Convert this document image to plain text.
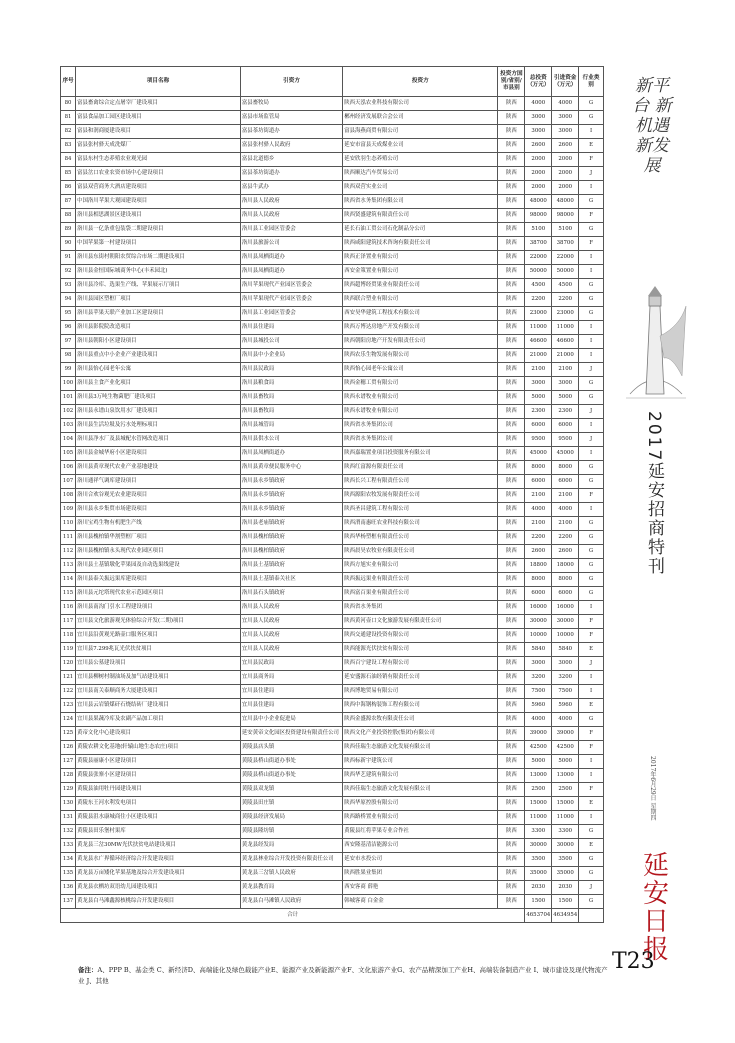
序号	项目名称	引资方	投资方	投资方国别/省别/市县别	总投资（万元）	引进资金（万元）	行业类别
80	富县畜禽综合定点屠宰厂建设项目	富县畜牧局	陕西天泓农业科技有限公司	陕西	4000	4000	G
81	富县食品加工园区建设项目	富县市场监管局	郴州经济发展联合会公司	陕西	3000	3000	G
82	富县和润商厦建设项目	富县茶坊街道办	富县海燕商贸有限公司	陕西	3000	3000	I
83	富县张村驿天成洗煤厂	富县张村驿人民政府	延安市富县天成煤业公司	陕西	2600	2600	E
84	富县东村生态养殖农业观光园	富县北道德乡	延安欣羽生态养殖公司	陕西	2000	2000	F
85	富县岔口农业农资市场中心建设项目	富县茶坊街道办	陕西顺达汽车贸易公司	陕西	2000	2000	J
86	富县双营商务大酒店建设项目	富县牛武办	陕西双营实业公司	陕西	2000	2000	I
87	中国洛川苹果大观园建设项目	洛川县人民政府	陕西省水务集团有限公司	陕西	48000	48000	G
88	洛川县相思湖景区建设项目	洛川县人民政府	陕西贤盛建筑有限责任公司	陕西	98000	98000	F
89	洛川县一亿条重包装袋二期建设项目	洛川县工业园区管委会	延长石油工贸公司石化制品分公司	陕西	5100	5100	G
90	中国苹果第一村建设项目	洛川县旅游公司	陕西咸阳建筑技术咨询有限责任公司	陕西	38700	38700	F
91	洛川县东街村朝阳农贸综合市场二期建设项目	洛川县凤栖街道办	陕西正泽置业有限公司	陕西	22000	22000	I
92	洛川县金恒国际城商务中心(丰禾园北)	洛川县凤栖街道办	西安金策置业有限公司	陕西	50000	50000	I
93	洛川县冷库、选果生产线、苹果展示厅项目	洛川苹果现代产业园区管委会	陕西超博经贸果业有限责任公司	陕西	4500	4500	G
94	洛川县园区塑框厂项目	洛川苹果现代产业园区管委会	陕西联合塑业有限公司	陕西	2200	2200	G
95	洛川县苹果天联产业加工区建设项目	洛川县工业园区管委会	西安昊华建筑工程技术有限公司	陕西	23000	23000	G
96	洛川县影院院改造项目	洛川县住建局	陕西万博达房地产开发有限公司	陕西	11000	11000	I
97	洛川县朝阳小区建设项目	洛川县城投公司	陕西朝阳房地产开发有限责任公司	陕西	46600	46600	I
98	洛川县重点中小企业产业建设项目	洛川县中小企业局	陕西农乐生物发展有限公司	陕西	21000	21000	I
99	洛川县怡心园老年公寓	洛川县民政局	陕西怡心园老年公寓公司	陕西	2100	2100	J
100	洛川县主食产业化项目	洛川县粮食局	陕西金穗工贸有限公司	陕西	3000	3000	G
101	洛川县3万吨生物菌肥厂建设项目	洛川县畜牧局	陕西永谱牧业有限公司	陕西	5000	5000	G
102	洛川县永谱山泉饮用水厂建设项目	洛川县畜牧局	陕西永谱牧业有限公司	陕西	2300	2300	J
103	洛川县生活垃圾及污水处理标项目	洛川县城管局	陕西省水务集团公司	陕西	6000	6000	I
104	洛川县净水厂及县城配水管网改造项目	洛川县供水公司	陕西省水务集团公司	陕西	9500	9500	J
105	洛川县金城华府小区建设项目	洛川县凤栖街道办	陕西嘉瑞置业项目投资服务有限公司	陕西	45000	45000	I
106	洛川县黄章现代农业产业基地建设	洛川县黄章便民服务中心	陕西红富源有限责任公司	陕西	8000	8000	G
107	洛川通祥气调库建设项目	洛川县永乡镇政府	陕西长兴工程有限责任公司	陕西	6000	6000	G
108	洛川合欢谷观光农业建设项目	洛川县永乡镇政府	陕西源阳农牧发展有限责任公司	陕西	2100	2100	F
109	洛川县永乡集贸市场建设项目	洛川县永乡镇政府	陕西圣昌建筑工程有限公司	陕西	4000	4000	I
110	洛川宝鸡生物有机肥生产线	洛川县老庙镇政府	陕西渭南惠旺农业科技有限公司	陕西	2100	2100	G
111	洛川县槐柏镇华割塑框厂项目	洛川县槐柏镇政府	陕西华杨塑框有限责任公司	陕西	2200	2200	G
112	洛川县槐柏镇永头现代农业园区项目	洛川县槐柏镇政府	陕西晨昊农牧业有限责任公司	陕西	2600	2600	G
113	洛川县土基镇墩化苹果园及自动选果线建设	洛川县土基镇政府	陕西方旭实业有限公司	陕西	18800	18000	G
114	洛川县泰关振远果库建设项目	洛川县土基镇泰关社区	陕西振远果业有限责任公司	陕西	8000	8000	G
115	洛川县元坨塔现代农业示范园区项目	洛川县石头镇政府	陕西富百果业有限责任公司	陕西	6000	6000	G
116	洛川县南沟门引水工程建设项目	洛川县人民政府	陕西省水务集团	陕西	16000	16000	I
117	宜川县文化旅游观光体验综合开发(二期)项目	宜川县人民政府	陕西黄河壶口文化旅游发展有限责任公司	陕西	30000	30000	F
118	宜川县沿黄观光路壶口服务区项目	宜川县人民政府	陕西交通建设投资有限公司	陕西	10000	10000	F
119	宜川县7.299兆瓦光伏扶贫项目	宜川县人民政府	陕西能源光伏扶贫有限公司	陕西	5840	5840	E
120	宜川县公墓建设项目	宜川县民政局	陕西百宁建设工程有限公司	陕西	3000	3000	J
121	宜川县柳树村制油场及加气站建设项目	宜川县商务局	延安盛源石油经销有限责任公司	陕西	3200	3200	I
122	宜川县南关泰顺商务大厦建设项目	宜川县住建局	陕西博地贸易有限公司	陕西	7500	7500	I
123	宜川县云岩镇煤矸石烧结砖厂建设项目	宜川县住建局	陕西中海钢构装饰工程有限公司	陕西	5960	5960	E
124	宜川县果蔬冷库及农副产品加工项目	宜川县中小企业促进局	陕西金盛源农牧有限责任公司	陕西	4000	4000	G
125	黄帝文化中心建设项目	延安黄帝文化园区投资建设有限责任公司	陕西文化产业投资控股(集团)有限公司	陕西	39000	39000	F
126	黄陵农耕文化基地(轩辕山地生态农庄)项目	黄陵县店头镇	陕西佳瑞生态旅游文化发展有限公司	陕西	42500	42500	F
127	黄陵县丽康小区建设项目	黄陵县桥山街道办事处	陕西标新宇建筑公司	陕西	5000	5000	I
128	黄陵县张寨小区建设项目	黄陵县桥山街道办事处	陕西华艺建筑有限公司	陕西	13000	13000	I
129	黄陵县油用牡丹园建设项目	黄陵县双龙镇	陕西佳瑞生态旅游文化发展有限公司	陕西	2500	2500	F
130	黄陵东王河水利发电项目	黄陵县田庄镇	陕西华原控股有限公司	陕西	15000	15000	E
131	黄陵县沮水康城商住小区建设项目	黄陵县经济发展局	陕西路桥置业有限公司	陕西	11000	11000	I
132	黄陵县田乐堡村果库	黄陵县隆坊镇	黄陵县红将苹果专业合作社	陕西	3300	3300	G
133	黄龙县三岔30MW光伏扶贫电站建设项目	黄龙县经发局	西安隆基清洁能源公司	陕西	30000	30000	E
134	黄龙县水广界循环经济综合开发建设项目	黄龙县林业综合开发投资有限责任公司	延安市水投公司	陕西	3500	3500	G
135	黄龙县万亩矮化苹果基地及综合开发建设项目	黄龙县三岔镇人民政府	陕西胜果业集团	陕西	35000	35000	G
136	黄龙县衣栖坊双语幼儿园建设项目	黄龙县教育局	西安客商 薛艳	陕西	2030	2030	J
137	黄龙县白马滩鑫源核桃综合开发建设项目	黄龙县白马滩镇人民政府	韩城客商 白金金	陕西	1500	1500	G
合计					4653704	4634954	
新平台 新机遇 新发展
2017延安招商特刊
2017年6月29日 星期四
延
安
日
报
T23
备注：A、PPP B、基金类 C、新经济D、高端能化及绿色载能产业E、能源产业及新能源产业F、文化旅游产业G、农产品精深加工产业H、高端装备制造产业 I、城市建设及现代物流产业 J、其他
